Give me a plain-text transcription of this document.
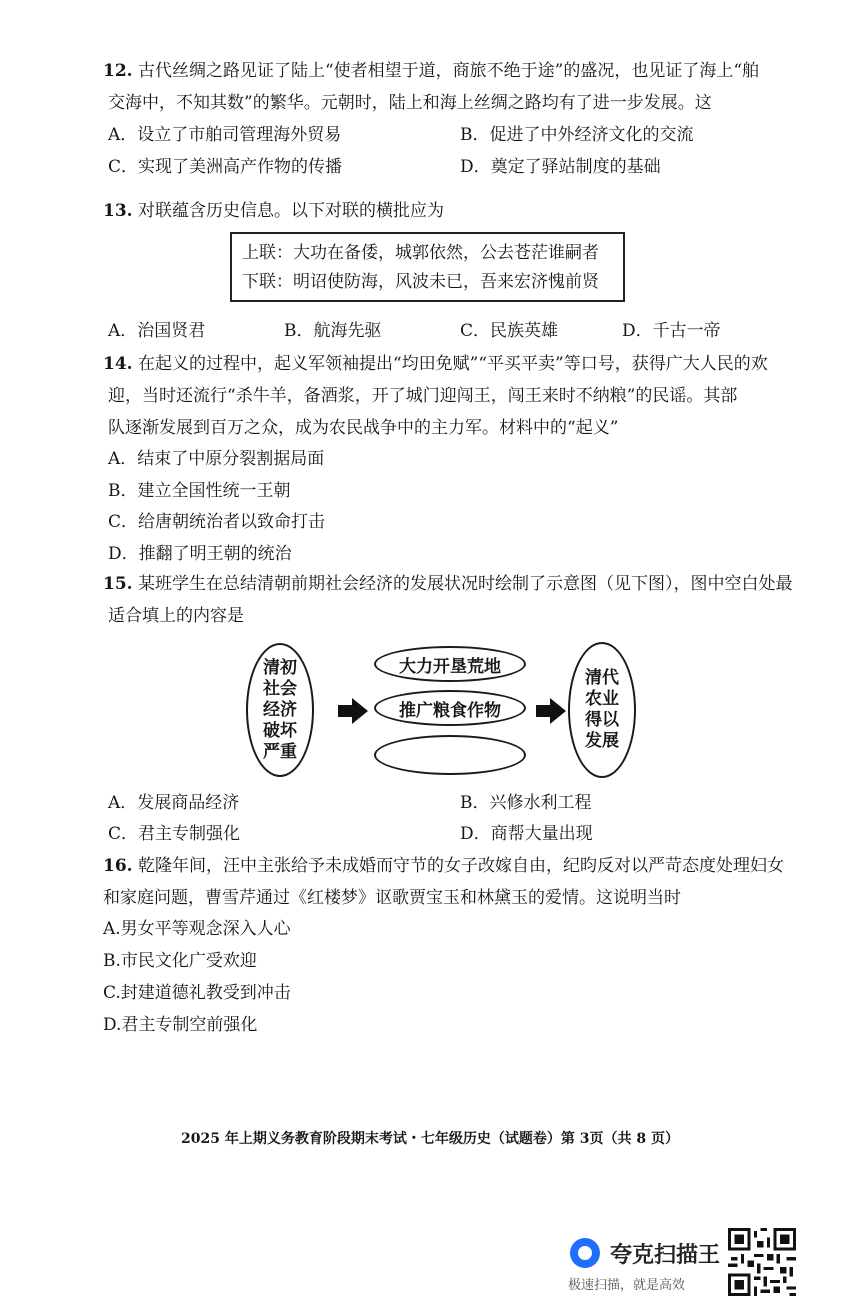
12. 古代丝绸之路见证了陆上“使者相望于道，商旅不绝于途”的盛况，也见证了海上“舶
交海中，不知其数”的繁华。元朝时，陆上和海上丝绸之路均有了进一步发展。这
A．设立了市舶司管理海外贸易	B．促进了中外经济文化的交流
C．实现了美洲高产作物的传播	D．奠定了驿站制度的基础
13. 对联蕴含历史信息。以下对联的横批应为
上联：大功在备倭，城郭依然，公去苍茫谁嗣者
下联：明诏使防海，风波未已，吾来宏济愧前贤
A．治国贤君	B．航海先驱	C．民族英雄	D．千古一帝
14. 在起义的过程中，起义军领袖提出“均田免赋”“平买平卖”等口号，获得广大人民的欢
迎，当时还流行“杀牛羊，备酒浆，开了城门迎闯王，闯王来时不纳粮”的民谣。其部
队逐渐发展到百万之众，成为农民战争中的主力军。材料中的“起义”
A．结束了中原分裂割据局面
B．建立全国性统一王朝
C．给唐朝统治者以致命打击
D．推翻了明王朝的统治
15. 某班学生在总结清朝前期社会经济的发展状况时绘制了示意图（见下图），图中空白处最
适合填上的内容是
清初社会经济破坏严重
大力开垦荒地
推广粮食作物
清代农业得以发展
A．发展商品经济	B．兴修水利工程
C．君主专制强化	D．商帮大量出现
16. 乾隆年间，汪中主张给予未成婚而守节的女子改嫁自由，纪昀反对以严苛态度处理妇女
和家庭问题，曹雪芹通过《红楼梦》讴歌贾宝玉和林黛玉的爱情。这说明当时
A.男女平等观念深入人心
B.市民文化广受欢迎
C.封建道德礼教受到冲击
D.君主专制空前强化
2025 年上期义务教育阶段期末考试・七年级历史（试题卷）第 3页（共 8 页）
夸克扫描王
极速扫描，就是高效
